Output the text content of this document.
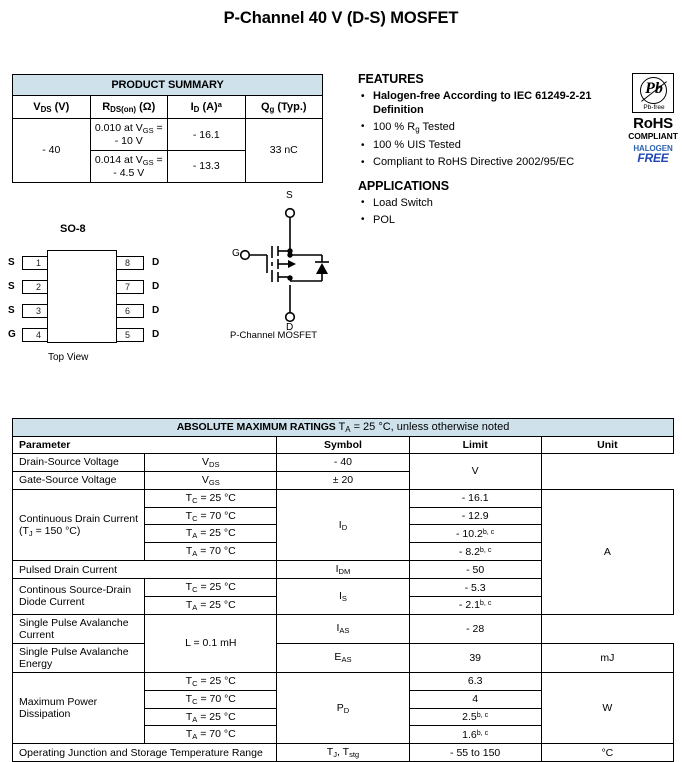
P-Channel 40 V (D-S) MOSFET
PRODUCT SUMMARY			
$V_{DS}$ (V)	$R_{DS(on)}$ (Ω)	$I_D$ $(A)^a$	$Q_g$ (Typ.)
- 40	0.010 at $V_{GS}$ = - 10 V	- 16.1	33 nC
	0.014 at $V_{GS}$ = - 4.5 V	- 13.3	
FEATURES
• Halogen-free According to IEC 61249-2-21 Definition
• 100 % $R_g$ Tested
• 100 % UIS Tested
• Compliant to RoHS Directive 2002/95/EC
APPLICATIONS
• Load Switch
• POL
Pb
Pb-free
RoHS
COMPLIANT
HALOGEN
FREE
SO-8
1
S
2
S
3
S
4
G
8	D
7	D
6	D
5	D
Top View
S
G
D
P-Channel MOSFET
ABSOLUTE MAXIMUM RATINGS $T_A = 25$ °C, unless otherwise noted				
Parameter		Symbol	Limit	Unit
Drain-Source Voltage	$V_{DS}$	- 40	V	
Gate-Source Voltage	$V_{GS}$	± 20		
Continuous Drain Current ($T_J = 150$ °C)	$T_C = 25$ °C	$I_D$	- 16.1	A
	$T_C = 70$ °C		- 12.9	
	$T_A = 25$ °C		- 10.2$^{b, c}$
	$T_A = 70$ °C		- 8.2$^{b, c}$
Pulsed Drain Current		$I_{DM}$	- 50	
Continous Source-Drain Diode Current	$T_C = 25$ °C	$I_S$	- 5.3	
	$T_A = 25$ °C		- 2.1$^{b, c}$
Single Pulse Avalanche Current	L = 0.1 mH	$I_{AS}$	- 28	
Single Pulse Avalanche Energy		$E_{AS}$	39	mJ
Maximum Power Dissipation	$T_C = 25$ °C	$P_D$	6.3	W
	$T_C = 70$ °C		4	
	$T_A = 25$ °C		2.5$^{b, c}$
	$T_A = 70$ °C		1.6$^{b, c}$
Operating Junction and Storage Temperature Range		$T_J$, $T_{stg}$	- 55 to 150	°C
